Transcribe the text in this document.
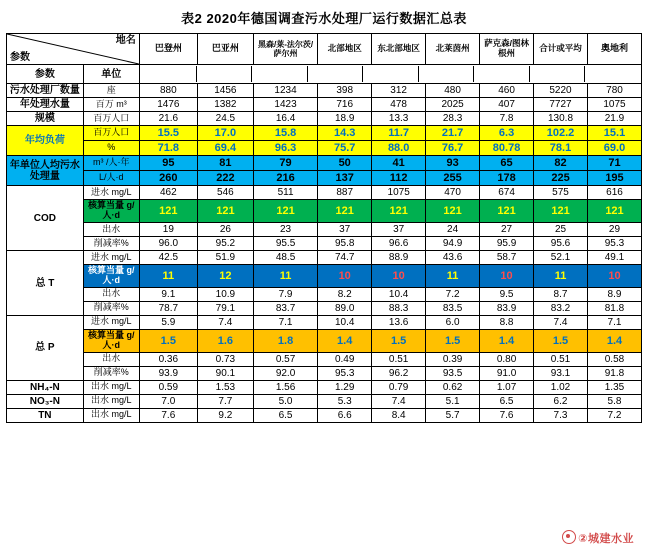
表2 2020年德国调查污水处理厂运行数据汇总表
地名
参数
	巴登州	巴亚州	黑森/莱-法尔茨/萨尔州	北部地区	东北部地区	北莱茵州	萨克森/图林根州	合计或平均	奥地利
参数	单位	

污水处理厂数量	座	880	1456	1234	398	312	480	460	5220	780
年处理水量	百万 m³	1476	1382	1423	716	478	2025	407	7727	1075
规模	百万人口	21.6	24.5	16.4	18.9	13.3	28.3	7.8	130.8	21.9
年均负荷	百万人口	15.5	17.0	15.8	14.3	11.7	21.7	6.3	102.2	15.1
%	71.8	69.4	96.3	75.7	88.0	76.7	80.78	78.1	69.0
年单位人均污水处理量	m³ /人·年	95	81	79	50	41	93	65	82	71
L/人·d	260	222	216	137	112	255	178	225	195
COD	进水 mg/L	462	546	511	887	1075	470	674	575	616
核算当量 g/人·d	121	121	121	121	121	121	121	121	121
出水	19	26	23	37	37	24	27	25	29
削减率%	96.0	95.2	95.5	95.8	96.6	94.9	95.9	95.6	95.3
总 T	进水 mg/L	42.5	51.9	48.5	74.7	88.9	43.6	58.7	52.1	49.1
核算当量 g/人·d	11	12	11	10	10	11	10	11	10
出水	9.1	10.9	7.9	8.2	10.4	7.2	9.5	8.7	8.9
削减率%	78.7	79.1	83.7	89.0	88.3	83.5	83.9	83.2	81.8
总 P	进水 mg/L	5.9	7.4	7.1	10.4	13.6	6.0	8.8	7.4	7.1
核算当量 g/人·d	1.5	1.6	1.8	1.4	1.5	1.5	1.4	1.5	1.4
出水	0.36	0.73	0.57	0.49	0.51	0.39	0.80	0.51	0.58
削减率%	93.9	90.1	92.0	95.3	96.2	93.5	91.0	93.1	91.8
NH₄-N	出水 mg/L	0.59	1.53	1.56	1.29	0.79	0.62	1.07	1.02	1.35
NO₃-N	出水 mg/L	7.0	7.7	5.0	5.3	7.4	5.1	6.5	6.2	5.8
TN	出水 mg/L	7.6	9.2	6.5	6.6	8.4	5.7	7.6	7.3	7.2
②城建水业
